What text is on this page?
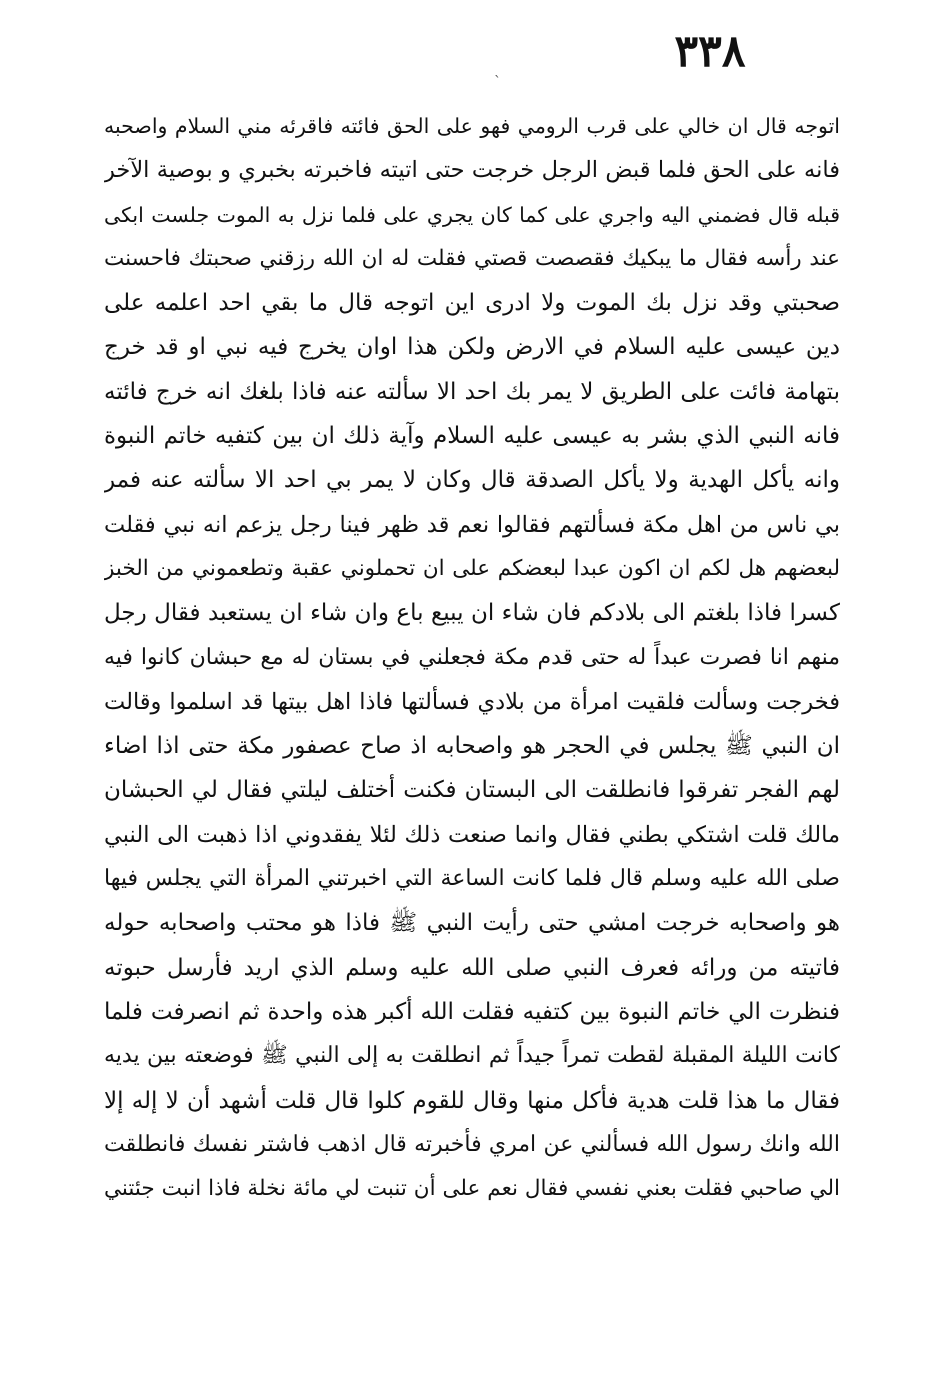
٣٣٨
ˎ
اتوجه قال ان خالي على قرب الرومي فهو على الحق فائته فاقرئه مني السلام واصحبه
فانه على الحق فلما قبض الرجل خرجت حتى اتيته فاخبرته بخبري و بوصية الآخر
قبله قال فضمني اليه واجري على كما كان يجري على فلما نزل به الموت جلست ابكى
عند رأسه فقال ما يبكيك فقصصت قصتي فقلت له ان الله رزقني صحبتك فاحسنت
صحبتي وقد نزل بك الموت ولا ادرى اين اتوجه قال ما بقي احد اعلمه على
دين عيسى عليه السلام في الارض ولكن هذا اوان يخرج فيه نبي او قد خرج
بتهامة فائت على الطريق لا يمر بك احد الا سألته عنه فاذا بلغك انه خرج فائته
فانه النبي الذي بشر به عيسى عليه السلام وآية ذلك ان بين كتفيه خاتم النبوة
وانه يأكل الهدية ولا يأكل الصدقة قال وكان لا يمر بي احد الا سألته عنه فمر
بي ناس من اهل مكة فسألتهم فقالوا نعم قد ظهر فينا رجل يزعم انه نبي فقلت
لبعضهم هل لكم ان اكون عبدا لبعضكم على ان تحملوني عقبة وتطعموني من الخبز
كسرا فاذا بلغتم الى بلادكم فان شاء ان يبيع باع وان شاء ان يستعبد فقال رجل
منهم انا فصرت عبداً له حتى قدم مكة فجعلني في بستان له مع حبشان كانوا فيه
فخرجت وسألت فلقيت امرأة من بلادي فسألتها فاذا اهل بيتها قد اسلموا وقالت
ان النبي ﷺ يجلس في الحجر هو واصحابه اذ صاح عصفور مكة حتى اذا اضاء
لهم الفجر تفرقوا فانطلقت الى البستان فكنت أختلف ليلتي فقال لي الحبشان
مالك قلت اشتكي بطني فقال وانما صنعت ذلك لئلا يفقدوني اذا ذهبت الى النبي
صلى الله عليه وسلم قال فلما كانت الساعة التي اخبرتني المرأة التي يجلس فيها
هو واصحابه خرجت امشي حتى رأيت النبي ﷺ فاذا هو محتب واصحابه حوله
فاتيته من ورائه فعرف النبي صلى الله عليه وسلم الذي اريد فأرسل حبوته
فنظرت الي خاتم النبوة بين كتفيه فقلت الله أكبر هذه واحدة ثم انصرفت فلما
كانت الليلة المقبلة لقطت تمراً جيداً ثم انطلقت به إلى النبي ﷺ فوضعته بين يديه
فقال ما هذا قلت هدية فأكل منها وقال للقوم كلوا قال قلت أشهد أن لا إله إلا
الله وانك رسول الله فسألني عن امري فأخبرته قال اذهب فاشتر نفسك فانطلقت
الي صاحبي فقلت بعني نفسي فقال نعم على أن تنبت لي مائة نخلة فاذا انبت جئتني
